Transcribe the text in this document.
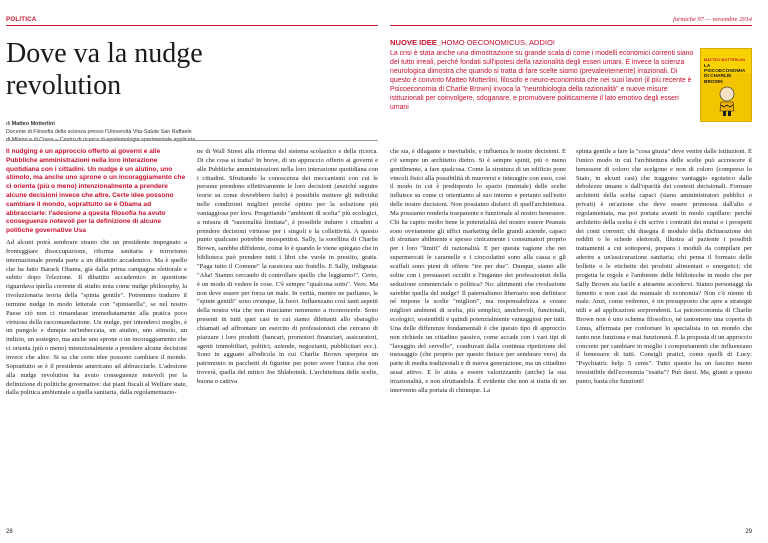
POLITICA
Dove va la nudge revolution
di Matteo Motterlini
Docente di Filosofia della scienza presso l'Università Vita-Salute San Raffaele
Il nudging è un approccio offerto ai governi e alle Pubbliche amministrazioni nella loro interazione quotidiana con i cittadini. Un nudge è un aiutino, uno stimolo, ma anche uno sprone o un incoraggiamento che ci orienta (più o meno) intenzionalmente a prendere alcune decisioni invece che altre. Certe idee possono cambiare il mondo, soprattutto se è Obama ad abbracciarle: l'adesione a questa filosofia ha avuto conseguenze notevoli per la definizione di alcune politiche governative Usa

Ad alcuni potrà sembrare strano che un presidente impegnato a fronteggiare disoccupazione, riforma sanitaria e terrorismo internazionale prenda parte a un dibattito accademico. Ma è quello che ha fatto Barack Obama, già dalla prima campagna elettorale e subito dopo l'elezione. Il dibattito accademico in questione riguardava quella corrente di studio nota come nudge philosophy, la rivoluzionaria teoria della "spinta gentile". Potremmo tradurre il termine nudge in modo letterale con "spintarella", se nel nostro Paese ciò non ci rimandasse immediatamente alla pratica poco virtuosa della raccomandazione. Un nudge, per intenderci meglio, è un pungolo e dunque un'imbeccata, un aiutino, uno stimolo, un indizio, un sostegno, ma anche uno sprone o un incoraggiamento che ci orienta (più o meno) intenzionalmente a prendere alcune decisioni invece che altre. Si sa che certe idee possono cambiare il mondo. Soprattutto se è il presidente americano ad abbracciarle. L'adesione alla nudge revolution ha avuto conseguenze notevoli per la definizione di politiche governative: dai piani fiscali al Welfare state, dalla politica ambientale a quella sanitaria, dalla regolamentazio-

ne di Wall Street alla riforma del sistema scolastico e della ricerca. Di che cosa si tratta? In breve, di un approccio offerto ai governi e alle Pubbliche amministrazioni nella loro interazione quotidiana con i cittadini. Sfruttando la conoscenza dei meccanismi con cui le persone prendono effettivamente le loro decisioni (anziché seguire teorie su come dovrebbero farlo) è possibile mettere gli individui nelle condizioni migliori perché optino per la soluzione più vantaggiosa per loro. Progettando "ambienti di scelta" più ecologici, a misura di "razionalità limitata", è possibile indurre i cittadini a prendere decisioni virtuose per i singoli e la collettività. A questo punto qualcuno potrebbe insospettirsi. Sally, la sorellina di Charlie Brown, sarebbe diffidente, come lo è quando le viene spiegato che in biblioteca può prendere tutti i libri che vuole in prestito, gratis. "Paga tutto il Comune" la rassicura suo fratello. E Sally, indignata: "Aha! Stanno cercando di controllare quello che leggiamo!". Certo, è un modo di vedere le cose. C'è sempre "qualcosa sotto". Vero. Ma non deve essere per forza un male. In verità, mentre ne parliamo, le "spinte gentili" sono ovunque, là fuori. Influenzano così tanti aspetti della nostra vita che non riusciamo nemmeno a riconoscerle. Sono presenti in tutti quei casi in cui siamo dilettanti allo sbaraglio chiamati ad affrontare un esercito di professionisti che cercano di piazzare i loro prodotti (bancari, promotori finanziari, assicuratori, agenti immobiliari, politici, aziende, negozianti, pubblicitari ecc.). Sono in agguato all'edicola in cui Charlie Brown sperpera un patrimonio in pacchetti di figurine per poter avere l'unica che non troverà, quella del mitico Joe Shlabotnik. L'architettura delle scelte, buona o cattiva

28
formiche 97 — novembre 2014
NUOVE IDEE_HOMO OECONOMICUS, ADDIO!
La crisi è stata anche una dimostrazione su grande scala di come i modelli economici correnti siano del tutto irreali, perché fondati sull'ipotesi della razionalità degli esseri umani. E invece la scienza neurologica dimostra che quando si tratta di fare scelte siamo (prevalentemente) irrazionali. Di questo è convinto Matteo Motterlini, filosofo e neuro-economista che nei suoi lavori (il più recente è Psicoeconomia di Charlie Brown) invoca la "neurobiologia della razionalità" e nuove misure istituzionali per coinvolgere, sdoganare, e promuovere politicamente il lato emotivo degli esseri umani
MATTEO MOTTERLINI
LA PSICOECONOMIA DI CHARLIE BROWN

che sia, è dilagante e inevitabile, e influenza le nostre decisioni. E c'è sempre un architetto dietro. Si è sempre spinti, più o meno gentilmente, a fare qualcosa. Come la struttura di un edificio pone vincoli fisici alla possibilità di muoversi e interagire con esso, così il modo in cui è predisposto lo spazio (mentale) delle scelte influisce su come ci orientiamo al suo interno e pertanto sull'esito delle nostre decisioni. Non possiamo disfarci di quell'architettura. Ma possiamo renderla trasparente e funzionale al nostro benessere. Chi ha capito molto bene le potenzialità del nostro essere Peanuts sono ovviamente gli uffici marketing delle grandi aziende, capaci di sfruttare abilmente e spesso cinicamente i consumatori proprio per i loro "limiti" di razionalità. E per questa ragione che nei supermercati le caramelle e i cioccolatini sono alla cassa e gli scaffali sono pieni di offerte "tre per due". Dunque, siamo alle solite con i persuasori occulti e l'inganno dei professionisti della seduzione commerciale o politica? No: altrimenti che rivoluzione sarebbe quella del nudge? Il paternalismo libertario non definisce né impone le scelte "migliori", ma responsabilizza a creare migliori ambienti di scelta, più semplici, amichevoli, funzionali, ecologici, sostenibili e quindi potenzialmente vantaggiosi per tutti. Una delle differenze fondamentali è che questo tipo di approccio non richiede un cittadino passivo, come accade con i vari tipi di "lavaggio del cervello", coadiuvati dalla continua ripetizione del messaggio (che proprio per questo finisce per sembrare vero) da parte di media tradizionali e di nuova generazione, ma un cittadino assai attivo. E lo aiuta a essere valorizzando (anche) la sua irrazionalità, e non sfruttandola. È evidente che non si tratta di un intervento alla portata di chiunque. La

spinta gentile a fare la "cosa giusta" deve venire dalle istituzioni. È l'unico modo in cui l'architettura delle scelte può accrescere il benessere di coloro che scelgono e non di coloro (compreso lo Stato, in alcuni casi) che traggono vantaggio egoistico dalle debolezze umane e dall'opacità dei contesti decisionali. Formare architetti della scelta capaci (siano amministratori pubblici o privati) è un'azione che deve essere promossa dall'alto e regolamentata, ma poi portata avanti in modo capillare: perché architetto della scelta è chi scrive i contratti dei mutui o i prospetti dei conti correnti; chi disegna il modulo della dichiarazione dei redditi o le schede elettorali, illustra al paziente i possibili trattamenti a cui sottoporsi, prepara i moduli da compilare per aderire a un'assicurazione sanitaria; chi pensa il formato delle bollette o le etichette dei prodotti alimentari o energetici; chi progetta le regole e l'ambiente delle biblioteche in modo che per Sally Brown sia facile e attraente accedervi. Siamo personaggi da fumetto e non casi da manuale di economia? Non c'è niente di male. Anzi, come vedremo, è un presupposto che apre a strategie utili e ad applicazioni sorprendenti. La psicoeconomia di Charlie Brown non è uno schema filosofico, né tantomeno una coperta di Linus, affermata per confortare lo specialista in un mondo che tanto non funziona e mai funzionerà. È la proposta di un approccio concreto per cambiare in meglio i comportamenti che influenzano il benessere di tutti. Consigli pratici, come quelli di Lucy: "Psychiatric help: 5 cents". Tutto questo ha un fascino meno irresistibile dell'economia "esatta"? Può darsi. Ma, giunti a questo punto, basta che funzioni!

29
